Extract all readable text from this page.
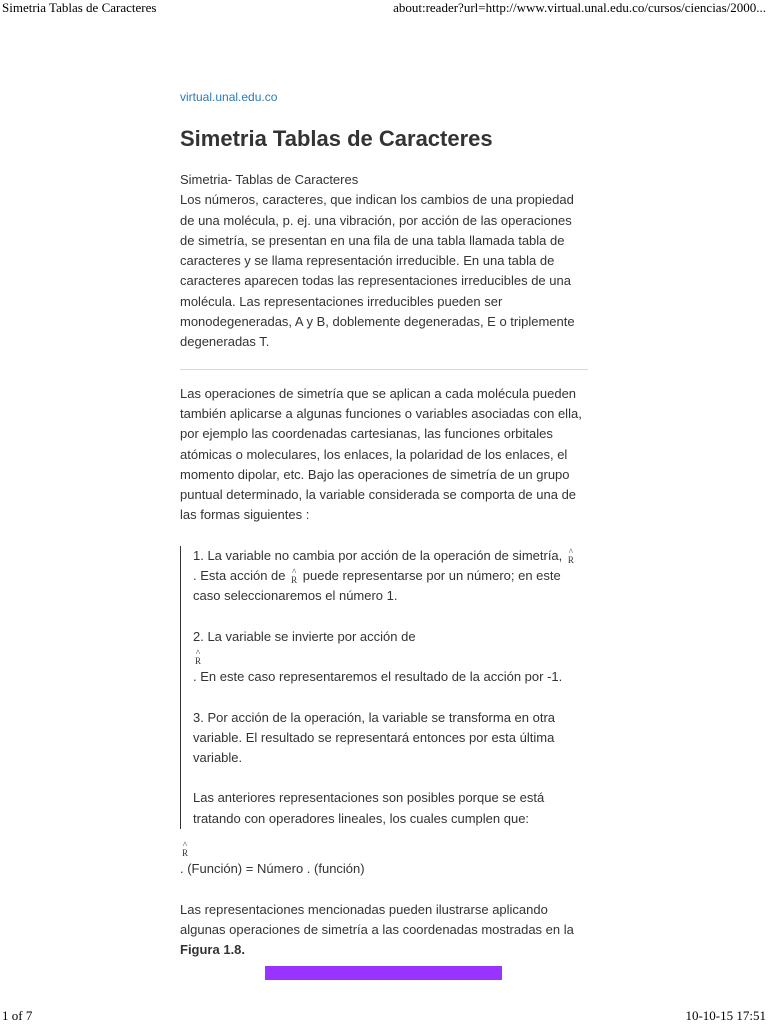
Simetria Tablas de Caracteres	about:reader?url=http://www.virtual.unal.edu.co/cursos/ciencias/2000...
virtual.unal.edu.co
Simetria Tablas de Caracteres

Simetria- Tablas de Caracteres

Los números, caracteres, que indican los cambios de una propiedad de una molécula, p. ej. una vibración, por acción de las operaciones de simetría, se presentan en una fila de una tabla llamada tabla de caracteres y se llama representación irreducible. En una tabla de caracteres aparecen todas las representaciones irreducibles de una molécula. Las representaciones irreducibles pueden ser monodegeneradas, A y B, doblemente degeneradas, E o triplemente degeneradas T.

Las operaciones de simetría que se aplican a cada molécula pueden también aplicarse a algunas funciones o variables asociadas con ella, por ejemplo las coordenadas cartesianas, las funciones orbitales atómicas o moleculares, los enlaces, la polaridad de los enlaces, el momento dipolar, etc. Bajo las operaciones de simetría de un grupo puntual determinado, la variable considerada se comporta de una de las formas siguientes :

1. La variable no cambia por acción de la operación de simetría, ^
R
. Esta acción de ^
R puede representarse por un número; en este caso seleccionaremos el número 1.

2. La variable se invierte por acción de

^
R
. En este caso representaremos el resultado de la acción por -1.

3. Por acción de la operación, la variable se transforma en otra variable. El resultado se representará entonces por esta última variable.

Las anteriores representaciones son posibles porque se está tratando con operadores lineales, los cuales cumplen que:

^
R
. (Función) = Número . (función)

Las representaciones mencionadas pueden ilustrarse aplicando algunas operaciones de simetría a las coordenadas mostradas en la Figura 1.8.

1 of 7	10-10-15 17:51
